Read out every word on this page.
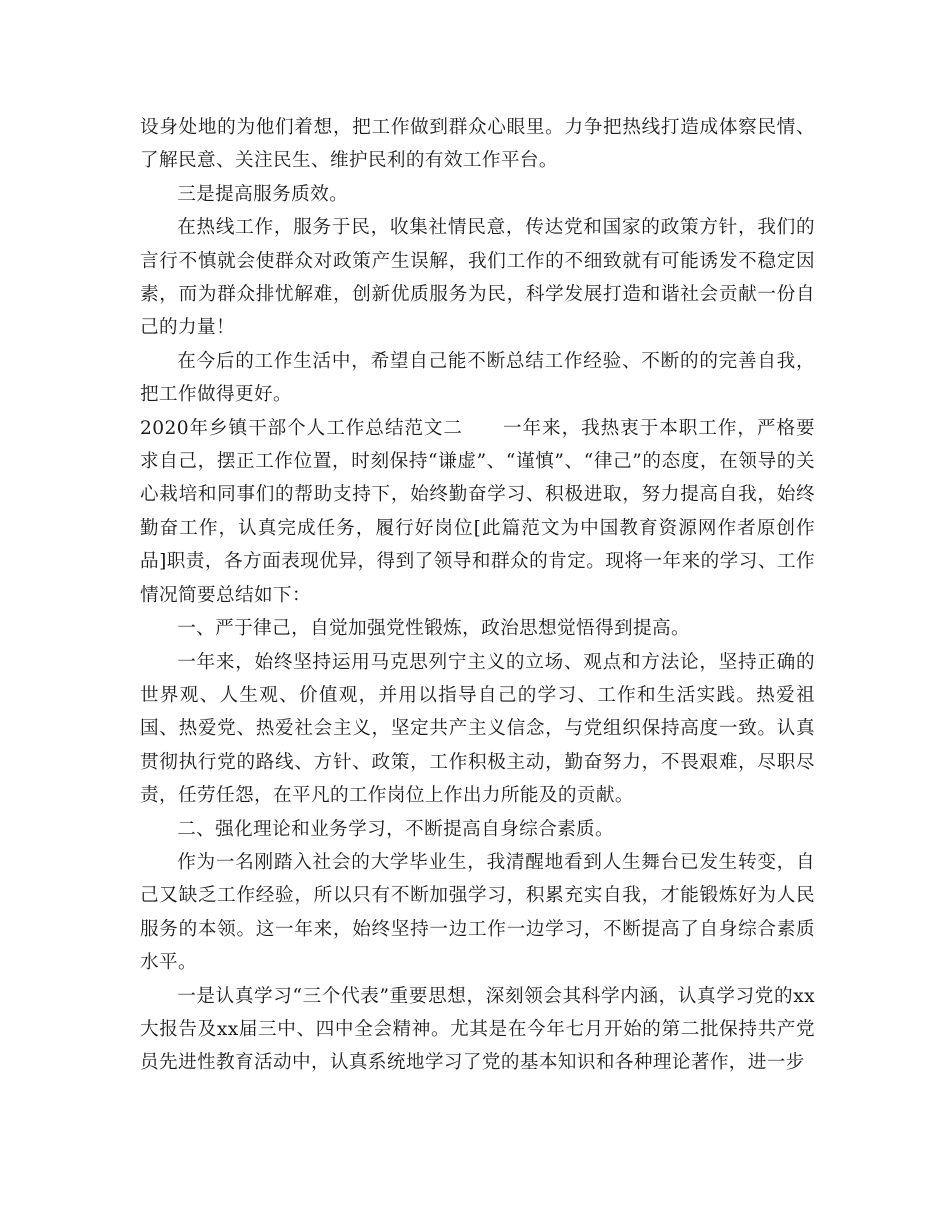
设身处地的为他们着想，把工作做到群众心眼里。力争把热线打造成体察民情、了解民意、关注民生、维护民利的有效工作平台。

三是提高服务质效。

在热线工作，服务于民，收集社情民意，传达党和国家的政策方针，我们的言行不慎就会使群众对政策产生误解，我们工作的不细致就有可能诱发不稳定因素，而为群众排忧解难，创新优质服务为民，科学发展打造和谐社会贡献一份自己的力量！

在今后的工作生活中，希望自己能不断总结工作经验、不断的的完善自我，把工作做得更好。

2020年乡镇干部个人工作总结范文二 一年来，我热衷于本职工作，严格要求自己，摆正工作位置，时刻保持“谦虚”、“谨慎”、“律己”的态度，在领导的关心栽培和同事们的帮助支持下，始终勤奋学习、积极进取，努力提高自我，始终勤奋工作，认真完成任务，履行好岗位[此篇范文为中国教育资源网作者原创作品]职责，各方面表现优异，得到了领导和群众的肯定。现将一年来的学习、工作情况简要总结如下：

一、严于律己，自觉加强党性锻炼，政治思想觉悟得到提高。

一年来，始终坚持运用马克思列宁主义的立场、观点和方法论，坚持正确的世界观、人生观、价值观，并用以指导自己的学习、工作和生活实践。热爱祖国、热爱党、热爱社会主义，坚定共产主义信念，与党组织保持高度一致。认真贯彻执行党的路线、方针、政策，工作积极主动，勤奋努力，不畏艰难，尽职尽责，任劳任怨，在平凡的工作岗位上作出力所能及的贡献。

二、强化理论和业务学习，不断提高自身综合素质。

作为一名刚踏入社会的大学毕业生，我清醒地看到人生舞台已发生转变，自己又缺乏工作经验，所以只有不断加强学习，积累充实自我，才能锻炼好为人民服务的本领。这一年来，始终坚持一边工作一边学习，不断提高了自身综合素质水平。

一是认真学习“三个代表”重要思想，深刻领会其科学内涵，认真学习党的xx大报告及xx届三中、四中全会精神。尤其是在今年七月开始的第二批保持共产党员先进性教育活动中，认真系统地学习了党的基本知识和各种理论著作，进一步
